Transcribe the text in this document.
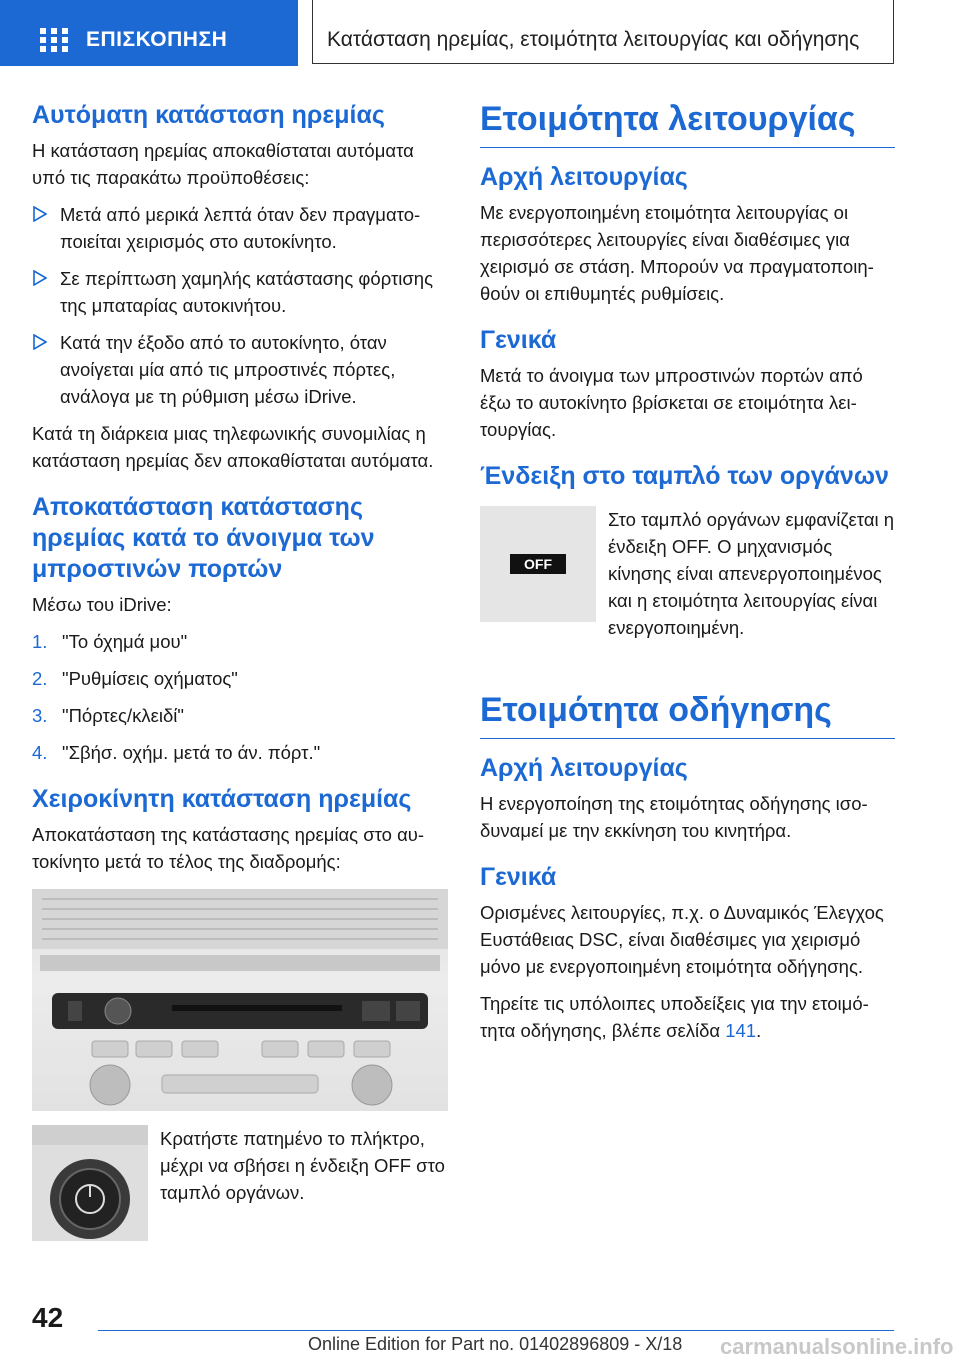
ΕΠΙΣΚΟΠΗΣΗ	Κατάσταση ηρεμίας, ετοιμότητα λειτουργίας και οδήγησης
Αυτόματη κατάσταση ηρεμίας

Η κατάσταση ηρεμίας αποκαθίσταται αυτόματα υπό τις παρακάτω προϋποθέσεις:

Μετά από μερικά λεπτά όταν δεν πραγματοποιείται χειρισμός στο αυτοκίνητο.
Σε περίπτωση χαμηλής κατάστασης φόρτισης της μπαταρίας αυτοκινήτου.
Κατά την έξοδο από το αυτοκίνητο, όταν ανοίγεται μία από τις μπροστινές πόρτες, ανάλογα με τη ρύθμιση μέσω iDrive.

Κατά τη διάρκεια μιας τηλεφωνικής συνομιλίας η κατάσταση ηρεμίας δεν αποκαθίσταται αυτόματα.

Αποκατάσταση κατάστασης ηρεμίας κατά το άνοιγμα των μπροστινών πορτών

Μέσω του iDrive:

1. "Το όχημά μου"
2. "Ρυθμίσεις οχήματος"
3. "Πόρτες/κλειδί"
4. "Σβήσ. οχήμ. μετά το άν. πόρτ."
Χειροκίνητη κατάσταση ηρεμίας

Αποκατάσταση της κατάστασης ηρεμίας στο αυτοκίνητο μετά το τέλος της διαδρομής:

Κρατήστε πατημένο το πλήκτρο, μέχρι να σβήσει η ένδειξη OFF στο ταμπλό οργάνων.

Ετοιμότητα λειτουργίας
Αρχή λειτουργίας

Με ενεργοποιημένη ετοιμότητα λειτουργίας οι περισσότερες λειτουργίες είναι διαθέσιμες για χειρισμό σε στάση. Μπορούν να πραγματοποιηθούν οι επιθυμητές ρυθμίσεις.

Γενικά

Μετά το άνοιγμα των μπροστινών πορτών από έξω το αυτοκίνητο βρίσκεται σε ετοιμότητα λειτουργίας.

Ένδειξη στο ταμπλό των οργάνων
OFF

Στο ταμπλό οργάνων εμφανίζεται η ένδειξη OFF. Ο μηχανισμός κίνησης είναι απενεργοποιημένος και η ετοιμότητα λειτουργίας είναι ενεργοποιημένη.

Ετοιμότητα οδήγησης
Αρχή λειτουργίας

Η ενεργοποίηση της ετοιμότητας οδήγησης ισοδυναμεί με την εκκίνηση του κινητήρα.

Γενικά

Ορισμένες λειτουργίες, π.χ. ο Δυναμικός Έλεγχος Ευστάθειας DSC, είναι διαθέσιμες για χειρισμό μόνο με ενεργοποιημένη ετοιμότητα οδήγησης.

Τηρείτε τις υπόλοιπες υποδείξεις για την ετοιμότητα οδήγησης, βλέπε σελίδα 141.

42
Online Edition for Part no. 01402896809 - X/18 carmanualsonline.info
